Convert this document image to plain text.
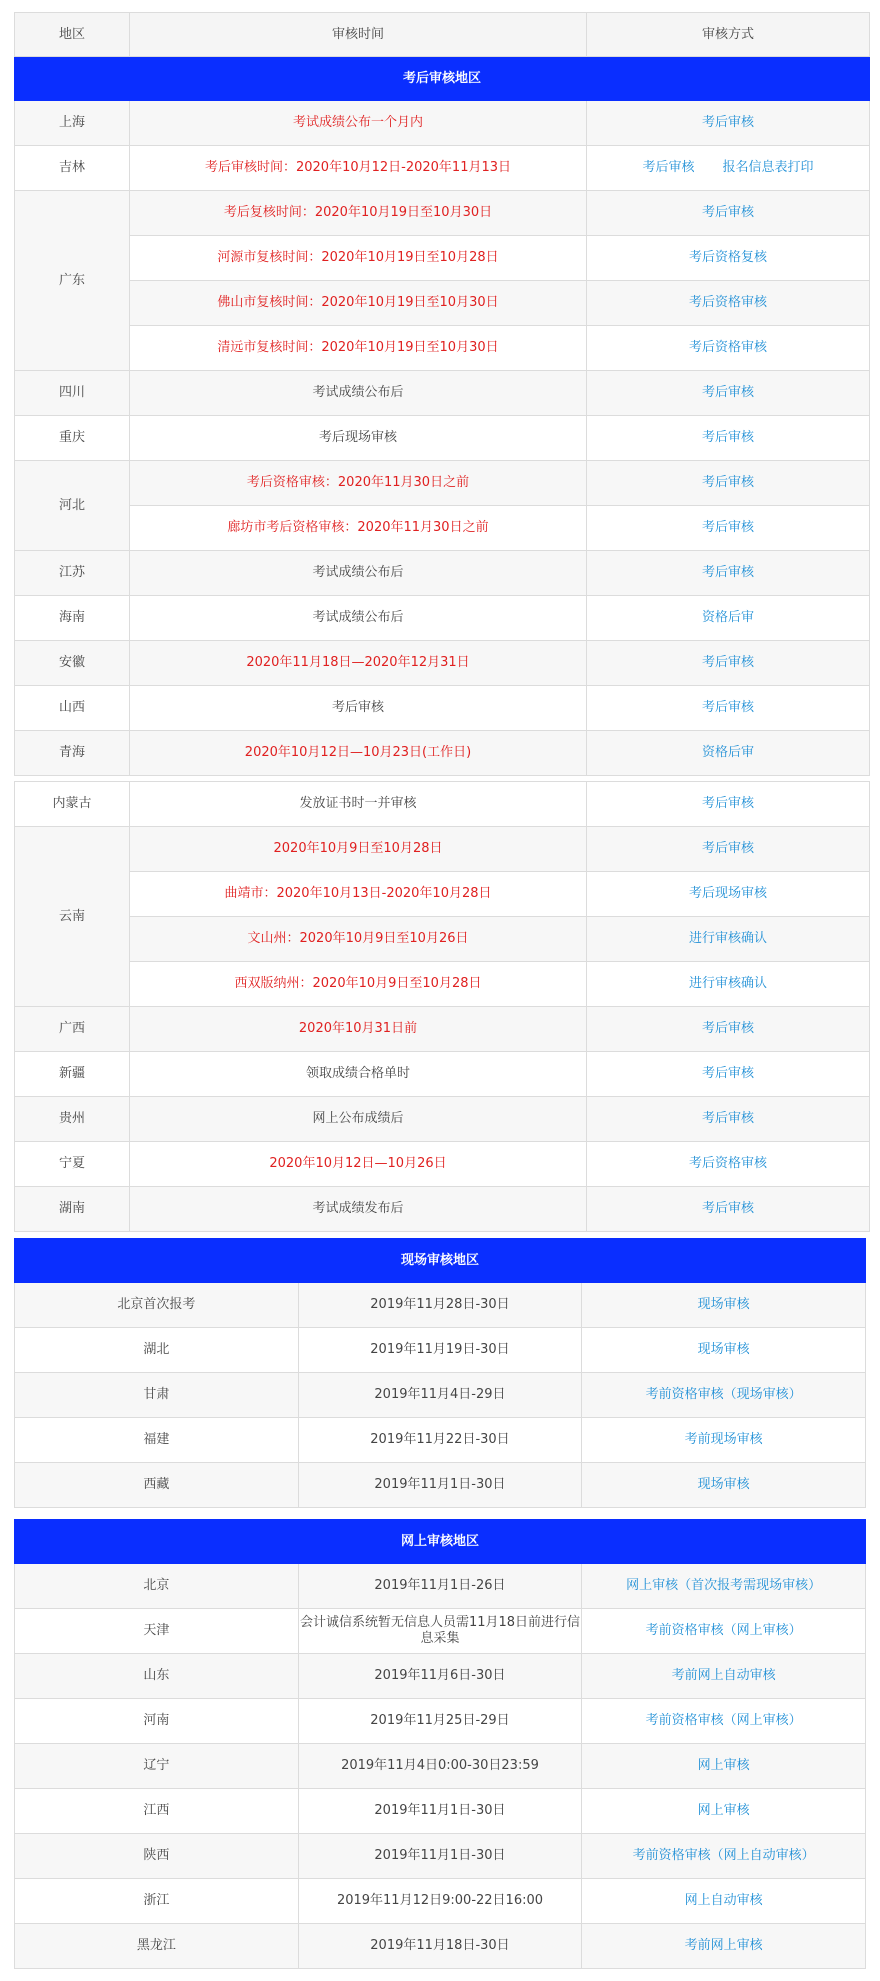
地区	审核时间	审核方式
考后审核地区		
上海	考试成绩公布一个月内	考后审核
吉林	考后审核时间：2020年10月12日-2020年11月13日	考后审核 报名信息表打印
广东	考后复核时间：2020年10月19日至10月30日	考后审核
	河源市复核时间：2020年10月19日至10月28日	考后资格复核
	佛山市复核时间：2020年10月19日至10月30日	考后资格审核
	清远市复核时间：2020年10月19日至10月30日	考后资格审核
四川	考试成绩公布后	考后审核
重庆	考后现场审核	考后审核
河北	考后资格审核：2020年11月30日之前	考后审核
	廊坊市考后资格审核：2020年11月30日之前	考后审核
江苏	考试成绩公布后	考后审核
海南	考试成绩公布后	资格后审
安徽	2020年11月18日—2020年12月31日	考后审核
山西	考后审核	考后审核
青海	2020年10月12日—10月23日(工作日)	资格后审
内蒙古	发放证书时一并审核	考后审核
云南	2020年10月9日至10月28日	考后审核
	曲靖市：2020年10月13日-2020年10月28日	考后现场审核
	文山州：2020年10月9日至10月26日	进行审核确认
	西双版纳州：2020年10月9日至10月28日	进行审核确认
广西	2020年10月31日前	考后审核
新疆	领取成绩合格单时	考后审核
贵州	网上公布成绩后	考后审核
宁夏	2020年10月12日—10月26日	考后资格审核
湖南	考试成绩发布后	考后审核
现场审核地区		
北京首次报考	2019年11月28日-30日	现场审核
湖北	2019年11月19日-30日	现场审核
甘肃	2019年11月4日-29日	考前资格审核（现场审核）
福建	2019年11月22日-30日	考前现场审核
西藏	2019年11月1日-30日	现场审核
网上审核地区		
北京	2019年11月1日-26日	网上审核（首次报考需现场审核）
天津	会计诚信系统暂无信息人员需11月18日前进行信息采集	考前资格审核（网上审核）
山东	2019年11月6日-30日	考前网上自动审核
河南	2019年11月25日-29日	考前资格审核（网上审核）
辽宁	2019年11月4日0:00-30日23:59	网上审核
江西	2019年11月1日-30日	网上审核
陕西	2019年11月1日-30日	考前资格审核（网上自动审核）
浙江	2019年11月12日9:00-22日16:00	网上自动审核
黑龙江	2019年11月18日-30日	考前网上审核
